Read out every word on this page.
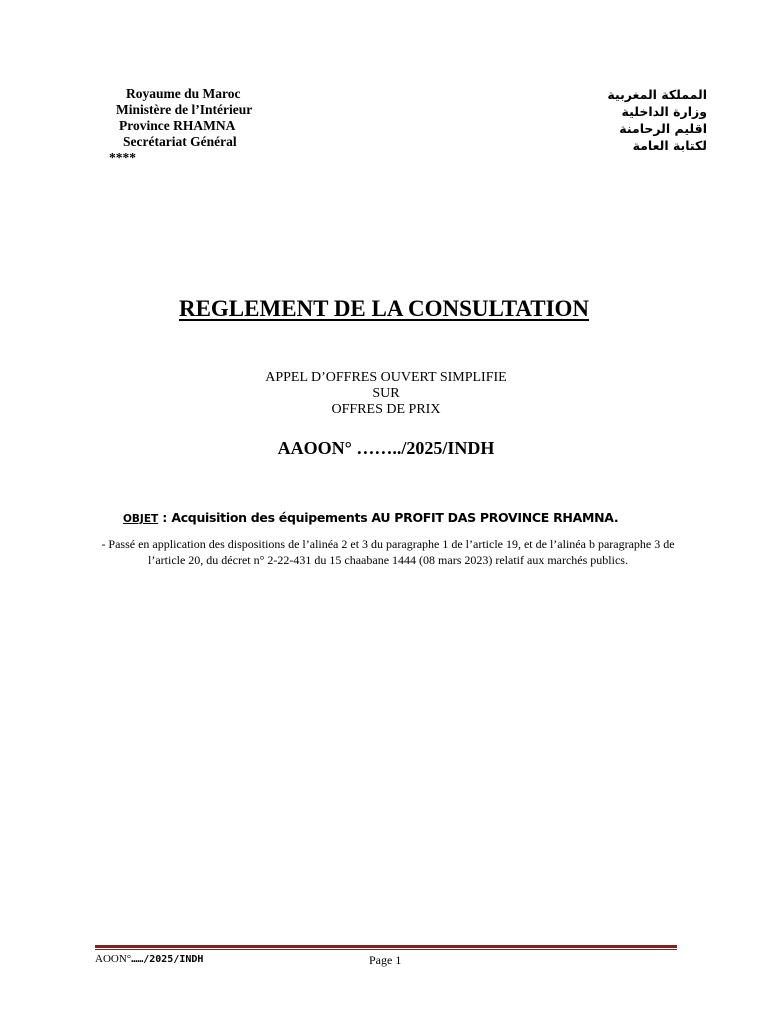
Royaume du Maroc
Ministère de l’Intérieur
Province RHAMNA
Secrétariat Général
****
المملكة المغربية
وزارة الداخلية
اقليم الرحامنة
لكتابة العامة
REGLEMENT DE LA CONSULTATION
APPEL D’OFFRES OUVERT SIMPLIFIE
SUR
OFFRES DE PRIX
AAOON° ……../2025/INDH
OBJET : Acquisition des équipements AU PROFIT DAS PROVINCE RHAMNA.
- Passé en application des dispositions de l’alinéa 2 et 3 du paragraphe 1 de l’article 19, et de l’alinéa b paragraphe 3 de l’article 20, du décret n° 2-22-431 du 15 chaabane 1444 (08 mars 2023) relatif aux marchés publics.
AOON°……/2025/INDH	Page 1
